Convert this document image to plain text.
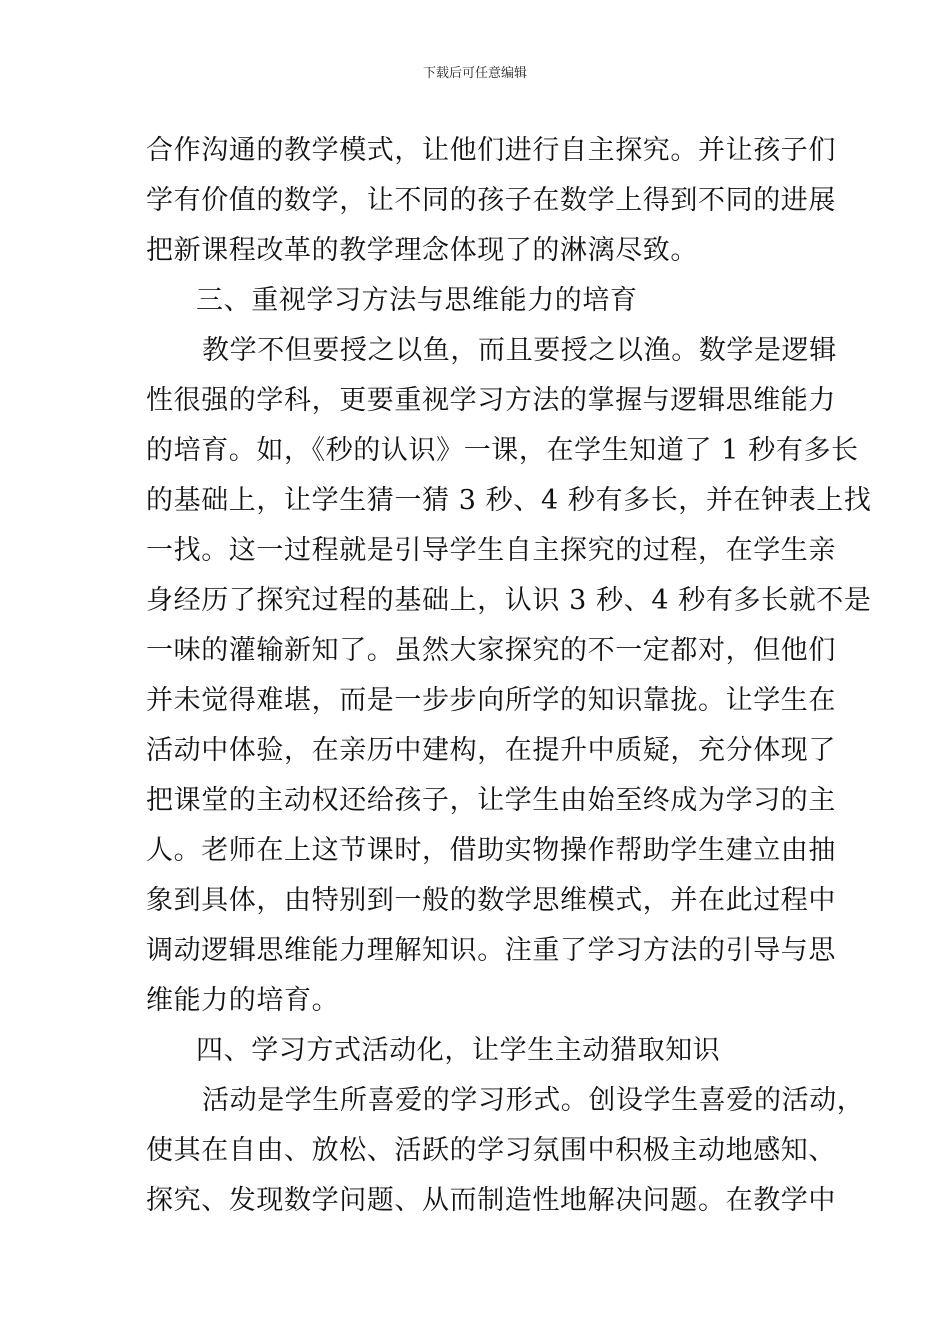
下载后可任意编辑
合作沟通的教学模式，让他们进行自主探究。并让孩子们
学有价值的数学，让不同的孩子在数学上得到不同的进展
把新课程改革的教学理念体现了的淋漓尽致。
三、重视学习方法与思维能力的培育
教学不但要授之以鱼，而且要授之以渔。数学是逻辑
性很强的学科，更要重视学习方法的掌握与逻辑思维能力
的培育。如，《秒的认识》一课，在学生知道了 1 秒有多长
的基础上，让学生猜一猜 3 秒、4 秒有多长，并在钟表上找
一找。这一过程就是引导学生自主探究的过程，在学生亲
身经历了探究过程的基础上，认识 3 秒、4 秒有多长就不是
一味的灌输新知了。虽然大家探究的不一定都对，但他们
并未觉得难堪，而是一步步向所学的知识靠拢。让学生在
活动中体验，在亲历中建构，在提升中质疑，充分体现了
把课堂的主动权还给孩子，让学生由始至终成为学习的主
人。老师在上这节课时，借助实物操作帮助学生建立由抽
象到具体，由特别到一般的数学思维模式，并在此过程中
调动逻辑思维能力理解知识。注重了学习方法的引导与思
维能力的培育。
四、学习方式活动化，让学生主动猎取知识
活动是学生所喜爱的学习形式。创设学生喜爱的活动，
使其在自由、放松、活跃的学习氛围中积极主动地感知、
探究、发现数学问题、从而制造性地解决问题。在教学中
